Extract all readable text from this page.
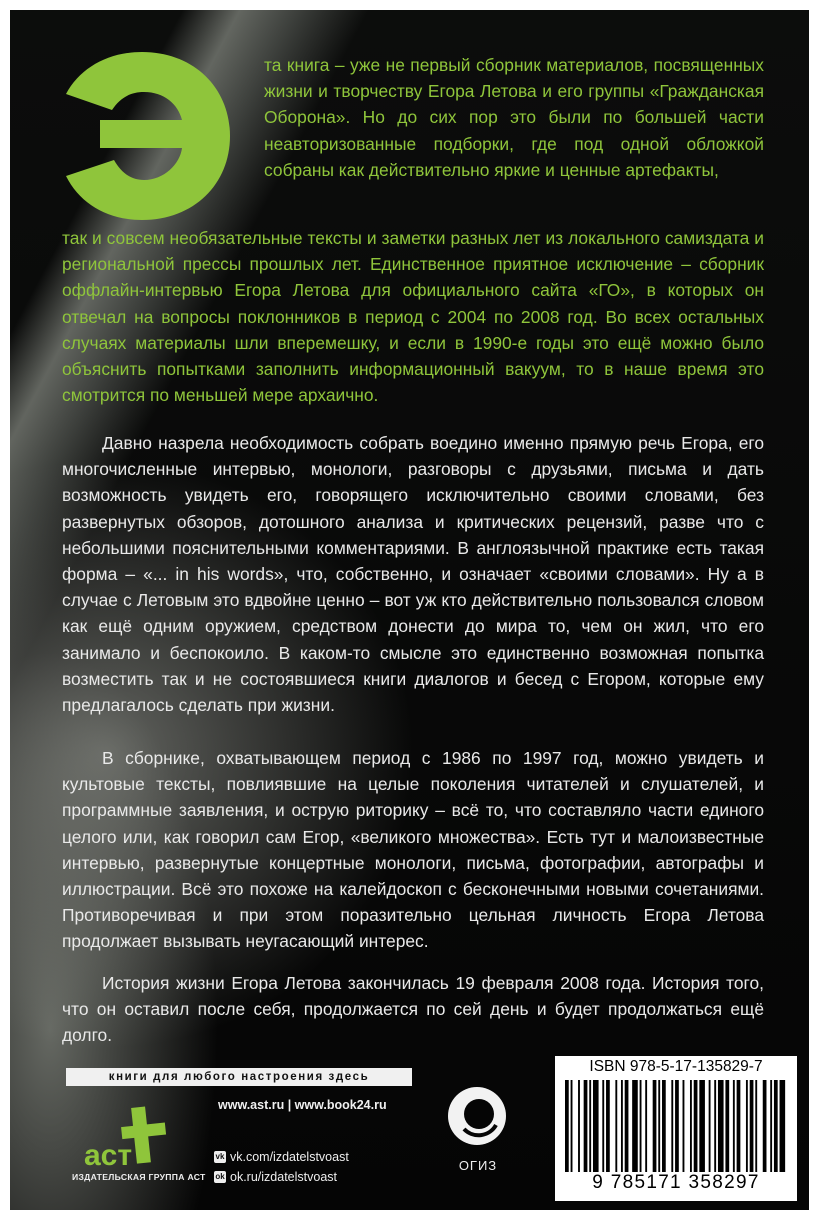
та книга – уже не первый сборник материалов, посвященных жизни и творчеству Егора Летова и его группы «Гражданская Оборона». Но до сих пор это были по большей части неавторизованные подборки, где под одной обложкой собраны как действительно яркие и ценные артефакты,

так и совсем необязательные тексты и заметки разных лет из локального самиздата и региональной прессы прошлых лет. Единственное приятное исключение – сборник оффлайн-интервью Егора Летова для официального сайта «ГО», в которых он отвечал на вопросы поклонников в период с 2004 по 2008 год. Во всех остальных случаях материалы шли вперемешку, и если в 1990-е годы это ещё можно было объяснить попытками заполнить информационный вакуум, то в наше время это смотрится по меньшей мере архаично.

Давно назрела необходимость собрать воедино именно прямую речь Егора, его многочисленные интервью, монологи, разговоры с друзьями, письма и дать возможность увидеть его, говорящего исключительно своими словами, без развернутых обзоров, дотошного анализа и критических рецензий, разве что с небольшими пояснительными комментариями. В англоязычной практике есть такая форма – «... in his words», что, собственно, и означает «своими словами». Ну а в случае с Летовым это вдвойне ценно – вот уж кто действительно пользовался словом как ещё одним оружием, средством донести до мира то, чем он жил, что его занимало и беспокоило. В каком-то смысле это единственно возможная попытка возместить так и не состоявшиеся книги диалогов и бесед с Егором, которые ему предлагалось сделать при жизни.

В сборнике, охватывающем период с 1986 по 1997 год, можно увидеть и культовые тексты, повлиявшие на целые поколения читателей и слушателей, и программные заявления, и острую риторику – всё то, что составляло части единого целого или, как говорил сам Егор, «великого множества». Есть тут и малоизвестные интервью, развернутые концертные монологи, письма, фотографии, автографы и иллюстрации. Всё это похоже на калейдоскоп с бесконечными новыми сочетаниями. Противоречивая и при этом поразительно цельная личность Егора Летова продолжает вызывать неугасающий интерес.

История жизни Егора Летова закончилась 19 февраля 2008 года. История того, что он оставил после себя, продолжается по сей день и будет продолжаться ещё долго.

книги для любого настроения здесь
www.ast.ru | www.book24.ru
аст
ИЗДАТЕЛЬСКАЯ ГРУППА АСТ
vk vk.com/izdatelstvoast
ok ok.ru/izdatelstvoast
ОГИЗ
ISBN 978-5-17-135829-7
9 785171 358297
